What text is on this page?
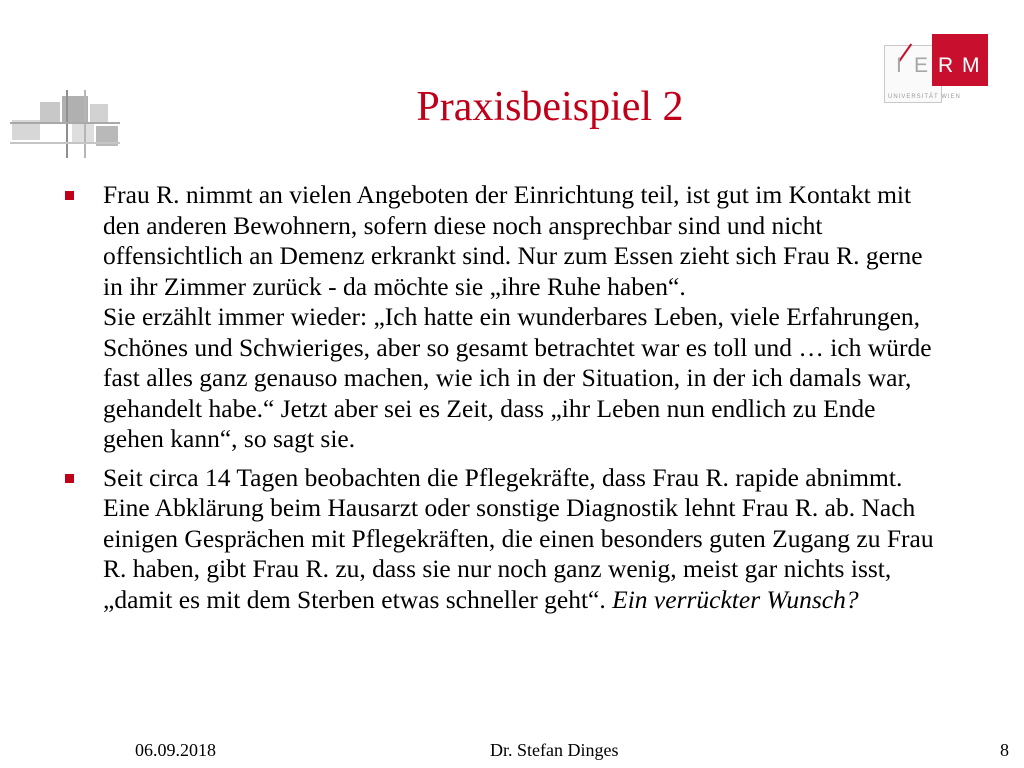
I E R M
UNIVERSITÄT WIEN
Praxisbeispiel 2

Frau R. nimmt an vielen Angeboten der Einrichtung teil, ist gut im Kontakt mit den anderen Bewohnern, sofern diese noch ansprechbar sind und nicht offensichtlich an Demenz erkrankt sind. Nur zum Essen zieht sich Frau R. gerne in ihr Zimmer zurück - da möchte sie „ihre Ruhe haben“.

Sie erzählt immer wieder: „Ich hatte ein wunderbares Leben, viele Erfahrungen, Schönes und Schwieriges, aber so gesamt betrachtet war es toll und … ich würde fast alles ganz genauso machen, wie ich in der Situation, in der ich damals war, gehandelt habe.“ Jetzt aber sei es Zeit, dass „ihr Leben nun endlich zu Ende gehen kann“, so sagt sie.

Seit circa 14 Tagen beobachten die Pflegekräfte, dass Frau R. rapide abnimmt. Eine Abklärung beim Hausarzt oder sonstige Diagnostik lehnt Frau R. ab. Nach einigen Gesprächen mit Pflegekräften, die einen besonders guten Zugang zu Frau R. haben, gibt Frau R. zu, dass sie nur noch ganz wenig, meist gar nichts isst, „damit es mit dem Sterben etwas schneller geht“. Ein verrückter Wunsch?

06.09.2018	Dr. Stefan Dinges	8
